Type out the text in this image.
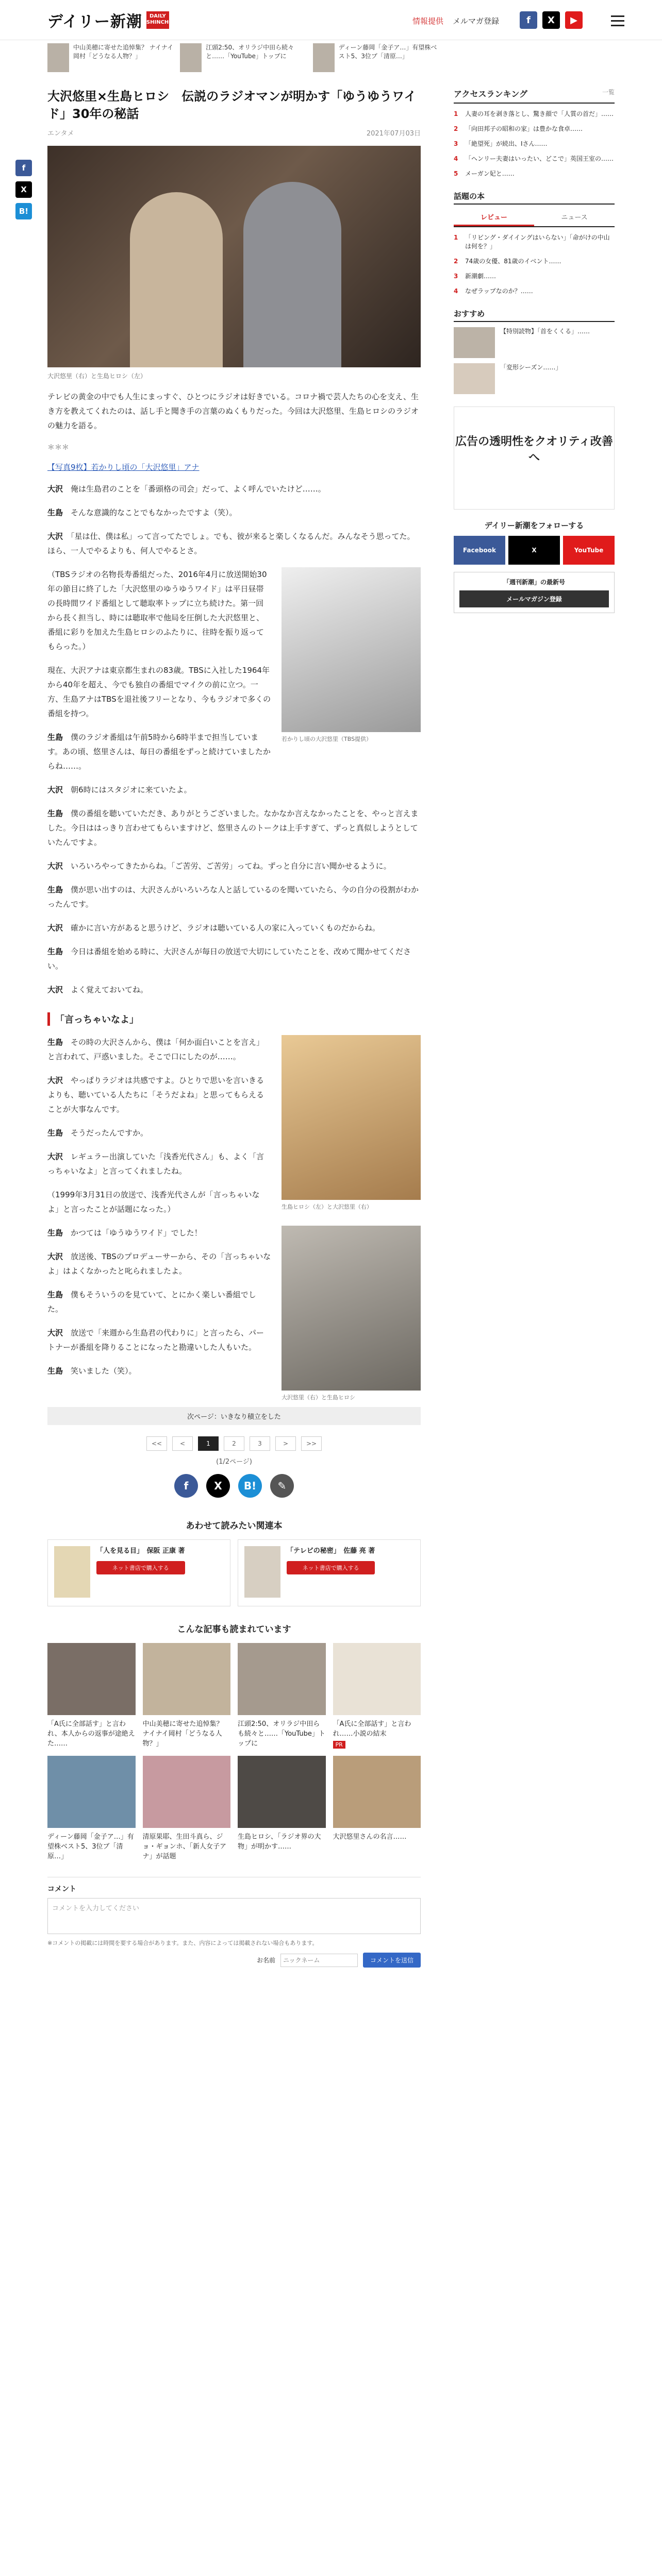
デイリー新潮	DAILY SHINCHO	情報提供 メルマガ登録	f	X	▶
中山美穂に寄せた追悼集？ ナイナイ岡村「どうなる人物？」
江頭2:50、オリラジ中田ら続々と……「YouTube」トップに
ディーン藤岡「金子ア…」有望株ベスト5、3位ブ「清原…」
f
X
B!
大沢悠里×生島ヒロシ　伝説のラジオマンが明かす「ゆうゆうワイド」30年の秘話
エンタメ	2021年07月03日
大沢悠里（右）と生島ヒロシ（左）

テレビの黄金の中でも人生にまっすぐ、ひとつにラジオは好きでいる。コロナ禍で芸人たちの心を支え、生き方を教えてくれたのは、話し手と聞き手の言葉のぬくもりだった。今回は大沢悠里、生島ヒロシのラジオの魅力を語る。

＊＊＊
【写真9枚】若かりし頃の「大沢悠里」アナ

大沢　 俺は生島君のことを「番頭格の司会」だって、よく呼んでいたけど……。

生島　 そんな意識的なことでもなかったですよ（笑）。

大沢　 「星は仕、僕は私」って言ってたでしょ。でも、彼が来ると楽しくなるんだ。みんなそう思ってた。ほら、一人でやるよりも、何人でやるとさ。

若かりし頃の大沢悠里（TBS提供）

（TBSラジオの名物長寿番組だった、2016年4月に放送開始30年の節目に終了した「大沢悠里のゆうゆうワイド」は平日昼帯の長時間ワイド番組として聴取率トップに立ち続けた。第一回から長く担当し、時には聴取率で他局を圧倒した大沢悠里と、番組に彩りを加えた生島ヒロシのふたりに、往時を振り返ってもらった。）

現在、大沢アナは東京都生まれの83歳。TBSに入社した1964年から40年を超え、今でも独自の番組でマイクの前に立つ。一方、生島アナはTBSを退社後フリーとなり、今もラジオで多くの番組を持つ。

生島　 僕のラジオ番組は午前5時から6時半まで担当しています。あの頃、悠里さんは、毎日の番組をずっと続けていましたからね……。

大沢　 朝6時にはスタジオに来ていたよ。

生島　 僕の番組を聴いていただき、ありがとうございました。なかなか言えなかったことを、やっと言えました。今日ははっきり言わせてもらいますけど、悠里さんのトークは上手すぎて、ずっと真似しようとしていたんですよ。

大沢　 いろいろやってきたからね。「ご苦労、ご苦労」ってね。ずっと自分に言い聞かせるように。

生島　 僕が思い出すのは、大沢さんがいろいろな人と話しているのを聞いていたら、今の自分の役割がわかったんです。

大沢　 確かに言い方があると思うけど、ラジオは聴いている人の家に入っていくものだからね。

生島　 今日は番組を始める時に、大沢さんが毎日の放送で大切にしていたことを、改めて聞かせてください。

大沢　 よく覚えておいてね。

「言っちゃいなよ」
生島ヒロシ（左）と大沢悠里（右）

生島　 その時の大沢さんから、僕は「何か面白いことを言え」と言われて、戸惑いました。そこで口にしたのが……。

大沢　 やっぱりラジオは共感ですよ。ひとりで思いを言いきるよりも、聴いている人たちに「そうだよね」と思ってもらえることが大事なんです。

生島　 そうだったんですか。

大沢　 レギュラー出演していた「浅香光代さん」も、よく「言っちゃいなよ」と言ってくれましたね。

（1999年3月31日の放送で、浅香光代さんが「言っちゃいなよ」と言ったことが話題になった。）

大沢悠里（右）と生島ヒロシ

生島　 かつては「ゆうゆうワイド」でした！

大沢　 放送後、TBSのプロデューサーから、その「言っちゃいなよ」はよくなかったと叱られましたよ。

生島　 僕もそういうのを見ていて、とにかく楽しい番組でした。

大沢　 放送で「来週から生島君の代わりに」と言ったら、パートナーが番組を降りることになったと勘違いした人もいた。

生島　 笑いました（笑）。

次ページ：いきなり積立をした
<<	<	1	2	3	>	>>
(1/2ページ)
f	X	B!	✎
あわせて読みたい関連本
「人を見る目」　保阪 正康 著
ネット書店で購入する
「テレビの秘密」　佐藤 亮 著
ネット書店で購入する
こんな記事も読まれています
「A氏に全部話す」と言われ、本人からの返事が途絶えた……
中山美穂に寄せた追悼集？ ナイナイ岡村「どうなる人物？」
江頭2:50、オリラジ中田らも続々と……「YouTube」トップに
「A氏に全部話す」と言われ……小説の結末
PR
ディーン藤岡「金子ア…」有望株ベスト5、3位ブ「清原…」
清原果耶、生田斗真ら、ジョ・ギョンホ、「新人女子アナ」が話題
生島ヒロシ、「ラジオ界の大物」が明かす……
大沢悠里さんの名言……
コメント
コメントを入力してください
※コメントの掲載には時間を要する場合があります。また、内容によっては掲載されない場合もあります。
お名前
ニックネーム	コメントを送信
アクセスランキング	一覧
1	人妻の耳を剥き落とし、驚き顔で「人質の首だ」……
2	「向田邦子の昭和の家」は豊かな食卓……
3	「絶望死」が続出、Iさん……
4	「ヘンリー夫妻はいったい、どこで」英国王室の……
5	メーガン妃と……
話題の本
レビュー	ニュース
1	「リビング・ダイイングはいらない」「命がけの中山は何を？」
2	74歳の女優、81歳のイベント……
3	新潮劇……
4	なぜラップなのか？……
おすすめ
【特別読物】「首をくくる」……
「変形シーズン……」
広告の透明性をクオリティ改善へ
デイリー新潮をフォローする
Facebook	X	YouTube
「週刊新潮」の最新号
メールマガジン登録
